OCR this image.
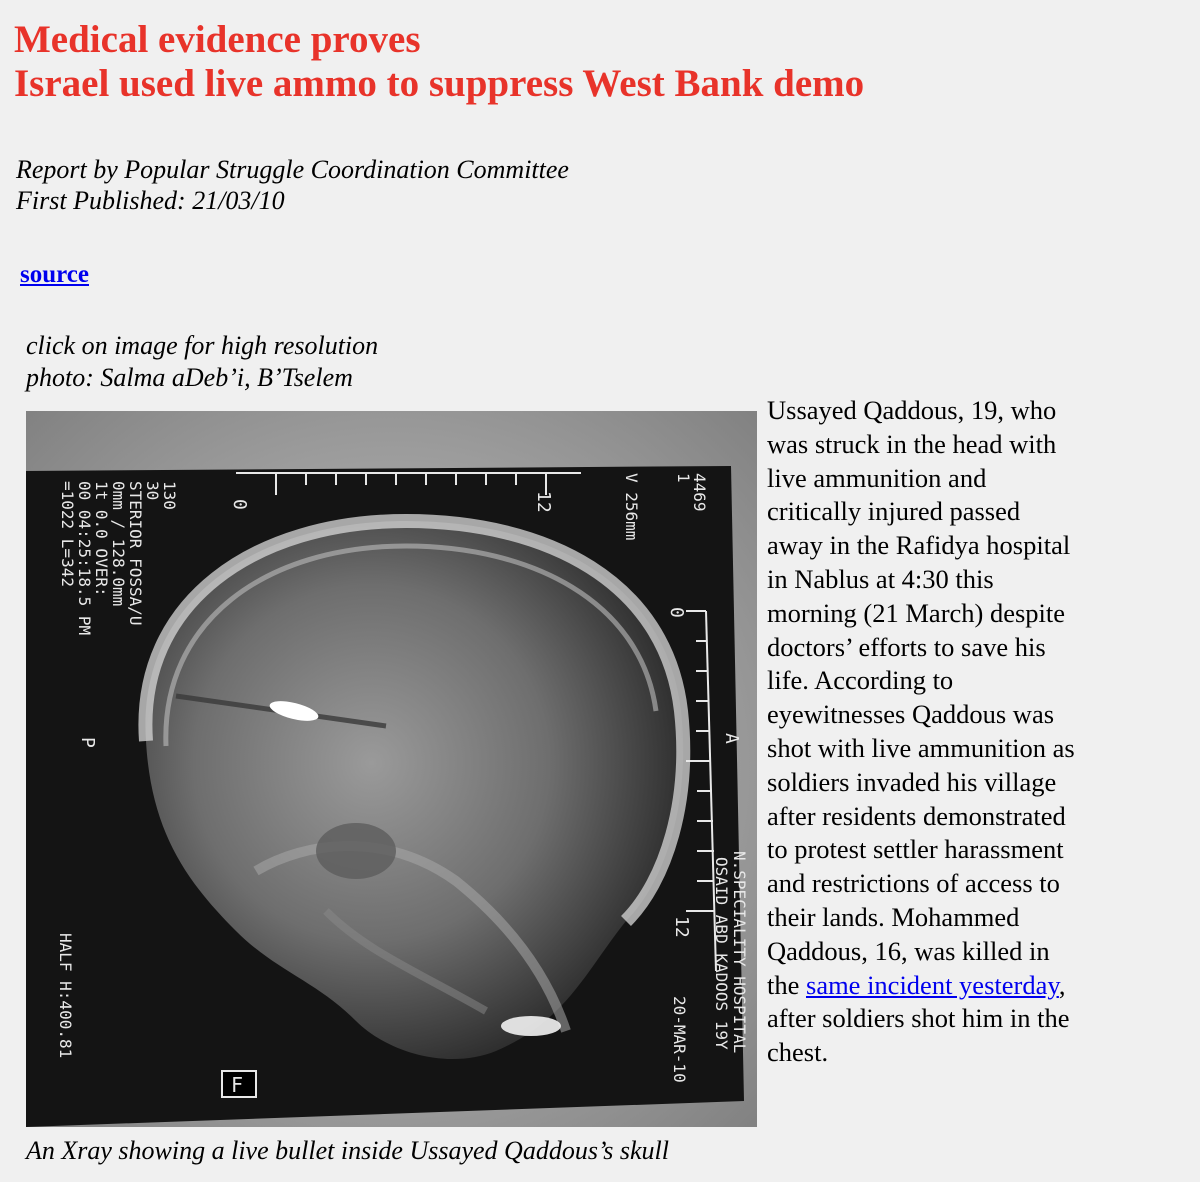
Medical evidence proves
Israel used live ammo to suppress West Bank demo
Report by Popular Struggle Coordination Committee
First Published: 21/03/10
source
click on image for high resolution
photo: Salma aDeb’i, B’Tselem
130
30
STERIOR FOSSA/U
0mm / 128.0mm
1t 0.0 OVER:
00 04:25:18.5 PM
=1022 L=342	0	12	V 256mm	4469
1
0
A
P
12 N.SPECIALITY HOSPITAL
OSAID ABD KADOOS 19Y
20-MAR-10
HALF H:400.81
F
An Xray showing a live bullet inside Ussayed Qaddous’s skull
Ussayed Qaddous, 19, who was struck in the head with live ammunition and critically injured passed away in the Rafidya hospital in Nablus at 4:30 this morning (21 March) despite doctors’ efforts to save his life. According to eyewitnesses Qaddous was shot with live ammunition as soldiers invaded his village after residents demonstrated to protest settler harassment and restrictions of access to their lands. Mohammed Qaddous, 16, was killed in the same incident yesterday, after soldiers shot him in the chest.
